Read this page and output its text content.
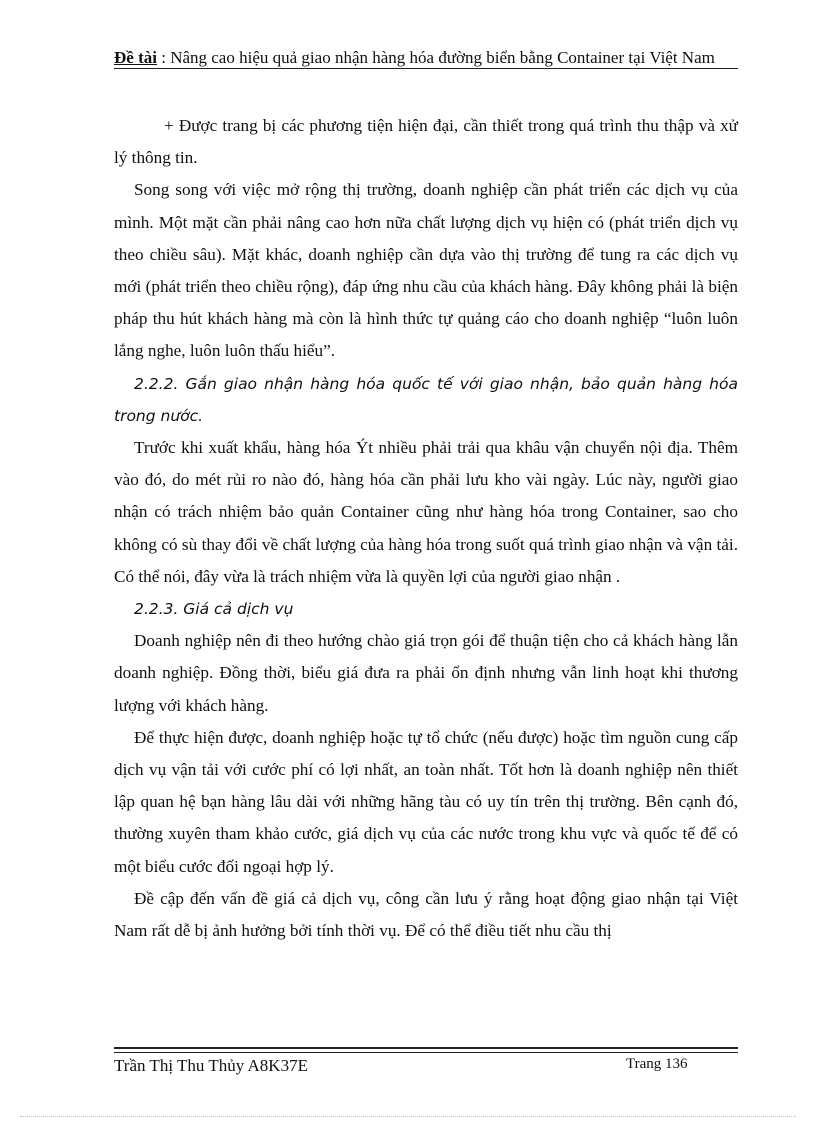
Đề tài : Nâng cao hiệu quả giao nhận hàng hóa đường biển bằng Container tại Việt Nam

+ Được trang bị các phương tiện hiện đại, cần thiết trong quá trình thu thập và xử lý thông tin.

Song song với việc mở rộng thị trường, doanh nghiệp cần phát triển các dịch vụ của mình. Một mặt cần phải nâng cao hơn nữa chất lượng dịch vụ hiện có (phát triển dịch vụ theo chiều sâu). Mặt khác, doanh nghiệp cần dựa vào thị trường để tung ra các dịch vụ mới (phát triển theo chiều rộng), đáp ứng nhu cầu của khách hàng. Đây không phải là biện pháp thu hút khách hàng mà còn là hình thức tự quảng cáo cho doanh nghiệp “luôn luôn lắng nghe, luôn luôn thấu hiểu”.

2.2.2. Gắn giao nhận hàng hóa quốc tế với giao nhận, bảo quản hàng hóa trong nước.

Trước khi xuất khẩu, hàng hóa Ýt nhiều phải trải qua khâu vận chuyển nội địa. Thêm vào đó, do mét rủi ro nào đó, hàng hóa cần phải lưu kho vài ngày. Lúc này, người giao nhận có trách nhiệm bảo quản Container cũng như hàng hóa trong Container, sao cho không có sù thay đổi về chất lượng của hàng hóa trong suốt quá trình giao nhận và vận tải. Có thể nói, đây vừa là trách nhiệm vừa là quyền lợi của người giao nhận .

2.2.3. Giá cả dịch vụ

Doanh nghiệp nên đi theo hướng chào giá trọn gói để thuận tiện cho cả khách hàng lẫn doanh nghiệp. Đồng thời, biểu giá đưa ra phải ổn định nhưng vẫn linh hoạt khi thương lượng với khách hàng.

Để thực hiện được, doanh nghiệp hoặc tự tổ chức (nếu được) hoặc tìm nguồn cung cấp dịch vụ vận tải với cước phí có lợi nhất, an toàn nhất. Tốt hơn là doanh nghiệp nên thiết lập quan hệ bạn hàng lâu dài với những hãng tàu có uy tín trên thị trường. Bên cạnh đó, thường xuyên tham khảo cước, giá dịch vụ của các nước trong khu vực và quốc tế để có một biểu cước đối ngoại hợp lý.

Đề cập đến vấn đề giá cả dịch vụ, công cần lưu ý rằng hoạt động giao nhận tại Việt Nam rất dễ bị ảnh hưởng bởi tính thời vụ. Để có thể điều tiết nhu cầu thị

Trần Thị Thu Thủy A8K37E	Trang 136
